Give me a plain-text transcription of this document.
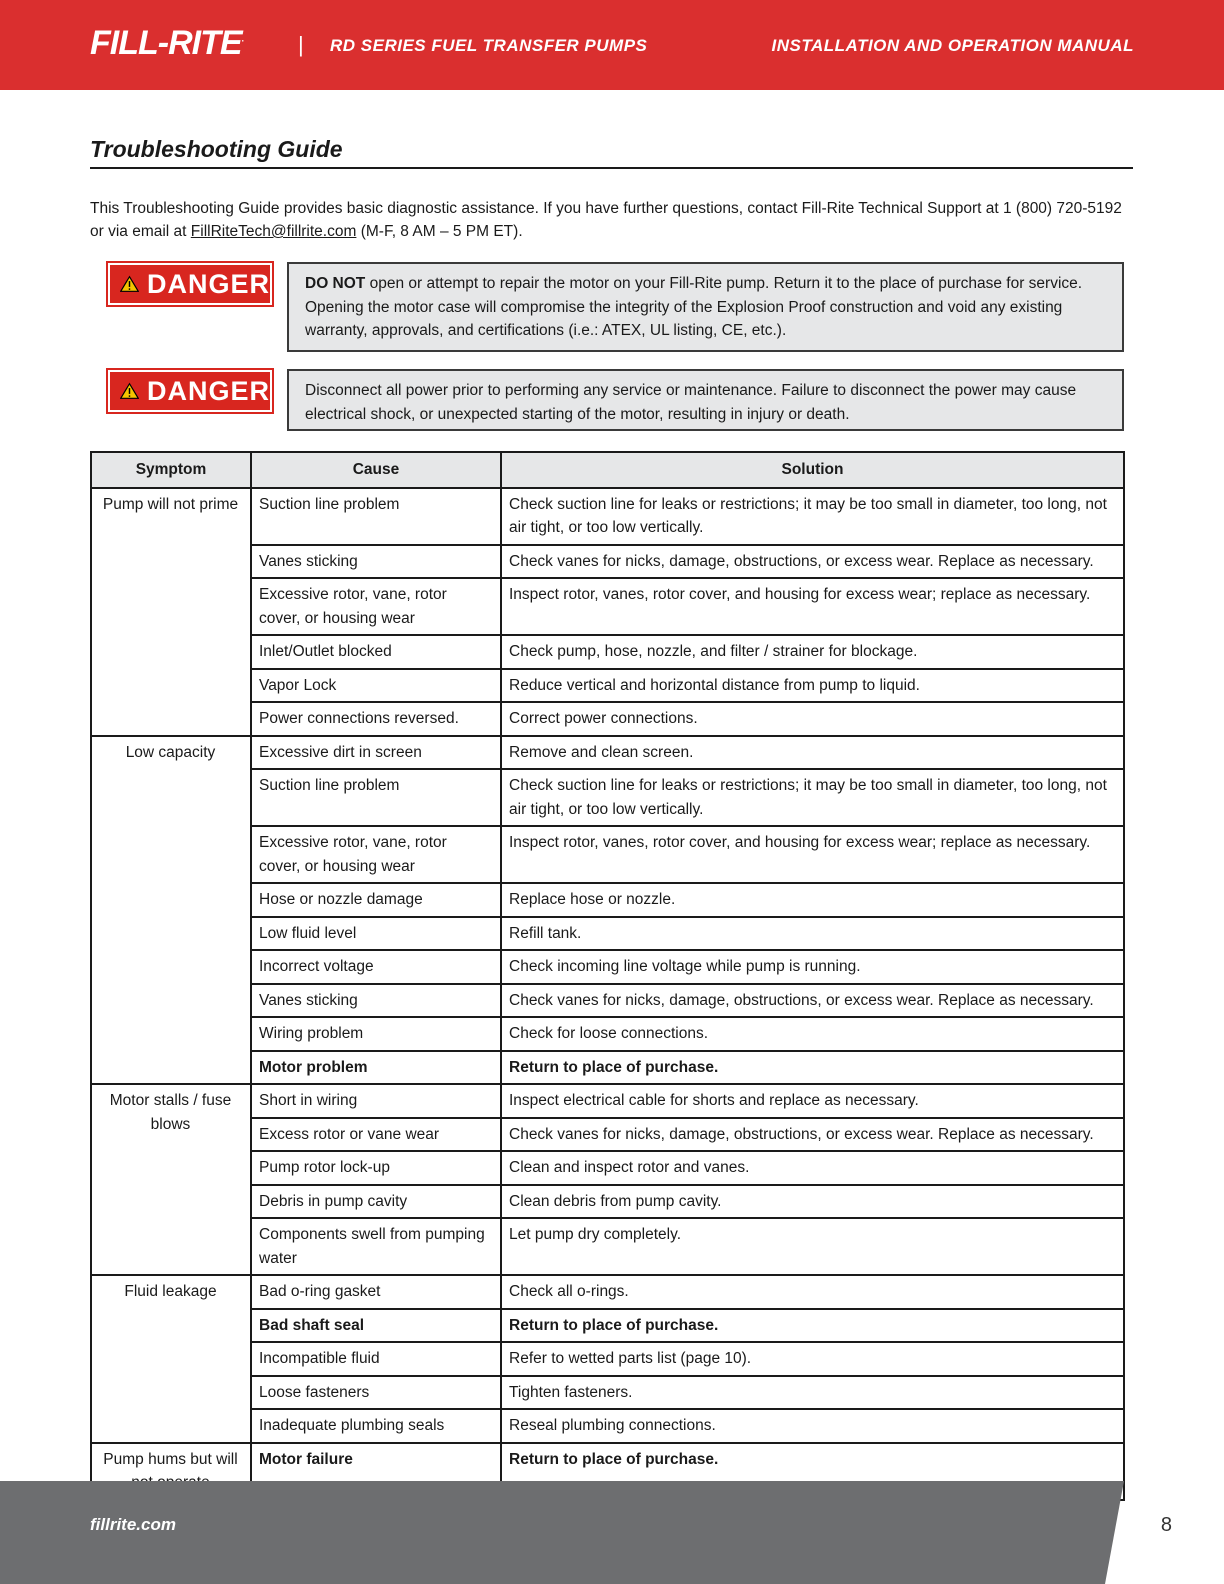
FILL-RITE. | RD SERIES FUEL TRANSFER PUMPS	INSTALLATION AND OPERATION MANUAL
Troubleshooting Guide
This Troubleshooting Guide provides basic diagnostic assistance. If you have further questions, contact Fill-Rite Technical Support at 1 (800) 720-5192 or via email at FillRiteTech@fillrite.com (M-F, 8 AM – 5 PM ET).
DANGER	DO NOT open or attempt to repair the motor on your Fill-Rite pump. Return it to the place of purchase for service. Opening the motor case will compromise the integrity of the Explosion Proof construction and void any existing warranty, approvals, and certifications (i.e.: ATEX, UL listing, CE, etc.).
DANGER	Disconnect all power prior to performing any service or maintenance. Failure to disconnect the power may cause electrical shock, or unexpected starting of the motor, resulting in injury or death.
Symptom	Cause	Solution
Pump will not prime	Suction line problem	Check suction line for leaks or restrictions; it may be too small in diameter, too long, not air tight, or too low vertically.
	Vanes sticking	Check vanes for nicks, damage, obstructions, or excess wear. Replace as necessary.
	Excessive rotor, vane, rotor cover, or housing wear	Inspect rotor, vanes, rotor cover, and housing for excess wear; replace as necessary.
	Inlet/Outlet blocked	Check pump, hose, nozzle, and filter / strainer for blockage.
	Vapor Lock	Reduce vertical and horizontal distance from pump to liquid.
	Power connections reversed.	Correct power connections.
Low capacity	Excessive dirt in screen	Remove and clean screen.
	Suction line problem	Check suction line for leaks or restrictions; it may be too small in diameter, too long, not air tight, or too low vertically.
	Excessive rotor, vane, rotor cover, or housing wear	Inspect rotor, vanes, rotor cover, and housing for excess wear; replace as necessary.
	Hose or nozzle damage	Replace hose or nozzle.
	Low fluid level	Refill tank.
	Incorrect voltage	Check incoming line voltage while pump is running.
	Vanes sticking	Check vanes for nicks, damage, obstructions, or excess wear. Replace as necessary.
	Wiring problem	Check for loose connections.
	Motor problem	Return to place of purchase.
Motor stalls / fuse blows	Short in wiring	Inspect electrical cable for shorts and replace as necessary.
	Excess rotor or vane wear	Check vanes for nicks, damage, obstructions, or excess wear. Replace as necessary.
	Pump rotor lock-up	Clean and inspect rotor and vanes.
	Debris in pump cavity	Clean debris from pump cavity.
	Components swell from pumping water	Let pump dry completely.
Fluid leakage	Bad o-ring gasket	Check all o-rings.
	Bad shaft seal	Return to place of purchase.
	Incompatible fluid	Refer to wetted parts list (page 10).
	Loose fasteners	Tighten fasteners.
	Inadequate plumbing seals	Reseal plumbing connections.
Pump hums but will	Motor failure	Return to place of purchase.
fillrite.com	8
